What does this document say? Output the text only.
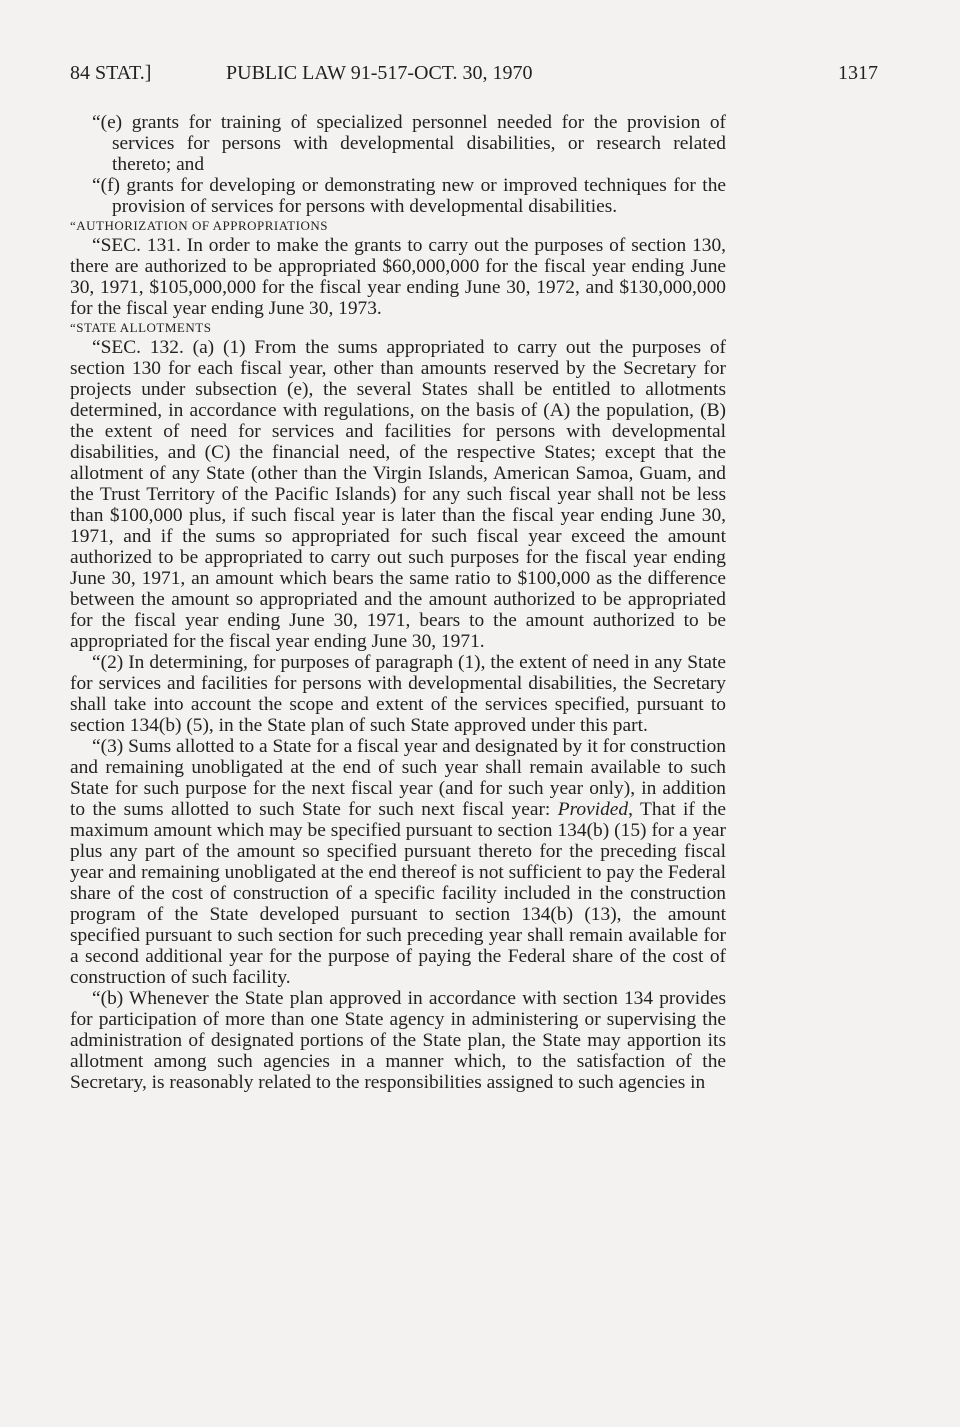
84 STAT.]	PUBLIC LAW 91-517-OCT. 30, 1970	1317

“(e) grants for training of specialized personnel needed for the provision of services for persons with developmental disabilities, or research related thereto; and

“(f) grants for developing or demonstrating new or improved techniques for the provision of services for persons with developmental disabilities.

“AUTHORIZATION OF APPROPRIATIONS

“SEC. 131. In order to make the grants to carry out the purposes of section 130, there are authorized to be appropriated $60,000,000 for the fiscal year ending June 30, 1971, $105,000,000 for the fiscal year ending June 30, 1972, and $130,000,000 for the fiscal year ending June 30, 1973.

“STATE ALLOTMENTS

“SEC. 132. (a) (1) From the sums appropriated to carry out the purposes of section 130 for each fiscal year, other than amounts reserved by the Secretary for projects under subsection (e), the several States shall be entitled to allotments determined, in accordance with regulations, on the basis of (A) the population, (B) the extent of need for services and facilities for persons with developmental disabilities, and (C) the financial need, of the respective States; except that the allotment of any State (other than the Virgin Islands, American Samoa, Guam, and the Trust Territory of the Pacific Islands) for any such fiscal year shall not be less than $100,000 plus, if such fiscal year is later than the fiscal year ending June 30, 1971, and if the sums so appropriated for such fiscal year exceed the amount authorized to be appropriated to carry out such purposes for the fiscal year ending June 30, 1971, an amount which bears the same ratio to $100,000 as the difference between the amount so appropriated and the amount authorized to be appropriated for the fiscal year ending June 30, 1971, bears to the amount authorized to be appropriated for the fiscal year ending June 30, 1971.

“(2) In determining, for purposes of paragraph (1), the extent of need in any State for services and facilities for persons with developmental disabilities, the Secretary shall take into account the scope and extent of the services specified, pursuant to section 134(b) (5), in the State plan of such State approved under this part.

“(3) Sums allotted to a State for a fiscal year and designated by it for construction and remaining unobligated at the end of such year shall remain available to such State for such purpose for the next fiscal year (and for such year only), in addition to the sums allotted to such State for such next fiscal year: Provided, That if the maximum amount which may be specified pursuant to section 134(b) (15) for a year plus any part of the amount so specified pursuant thereto for the preceding fiscal year and remaining unobligated at the end thereof is not sufficient to pay the Federal share of the cost of construction of a specific facility included in the construction program of the State developed pursuant to section 134(b) (13), the amount specified pursuant to such section for such preceding year shall remain available for a second additional year for the purpose of paying the Federal share of the cost of construction of such facility.

“(b) Whenever the State plan approved in accordance with section 134 provides for participation of more than one State agency in administering or supervising the administration of designated portions of the State plan, the State may apportion its allotment among such agencies in a manner which, to the satisfaction of the Secretary, is reasonably related to the responsibilities assigned to such agencies in
